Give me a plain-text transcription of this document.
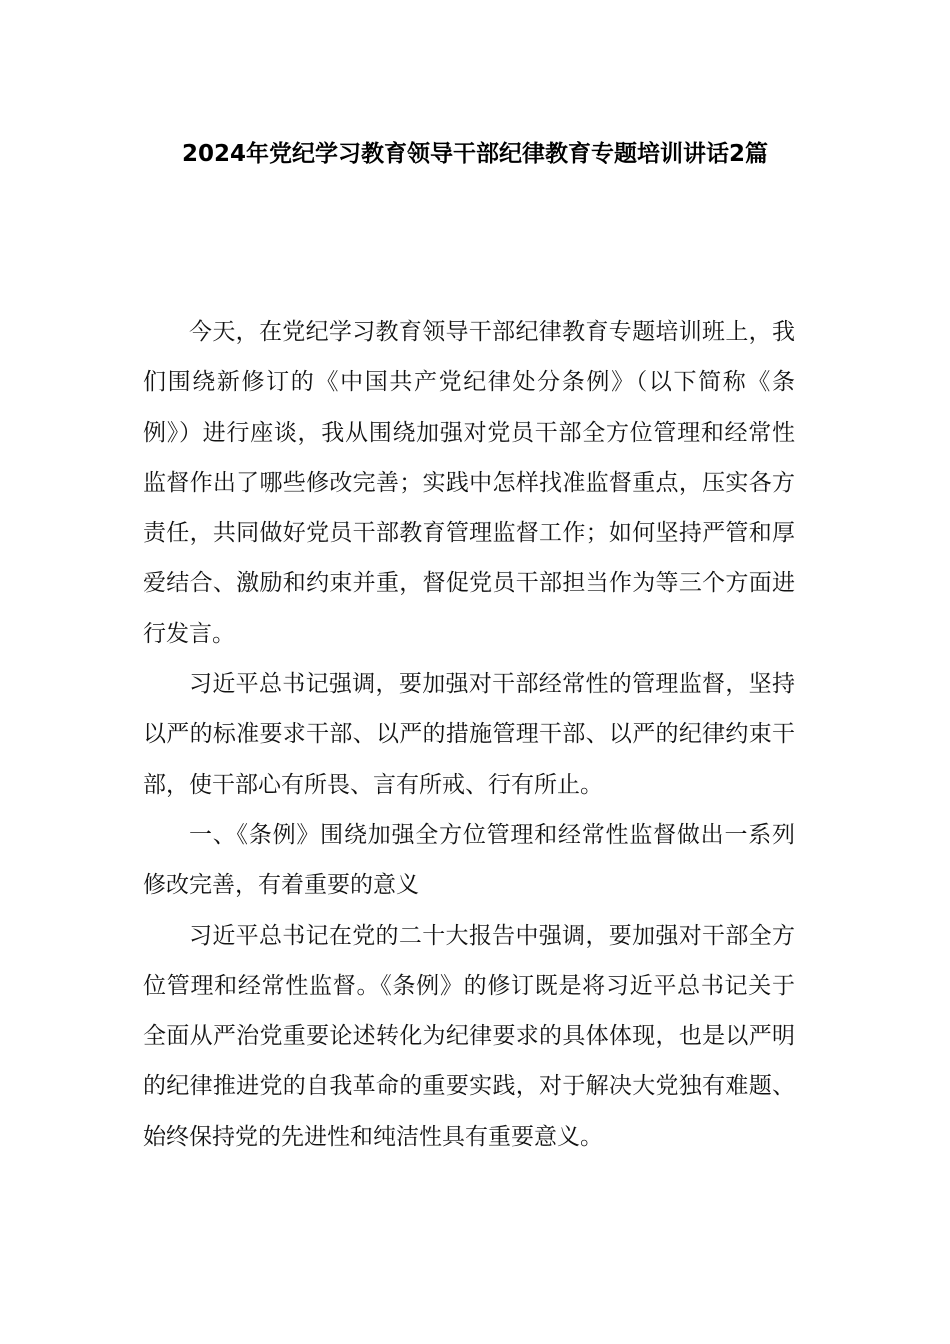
2024年党纪学习教育领导干部纪律教育专题培训讲话2篇

今天，在党纪学习教育领导干部纪律教育专题培训班上，我们围绕新修订的《中国共产党纪律处分条例》（以下简称《条例》）进行座谈，我从围绕加强对党员干部全方位管理和经常性监督作出了哪些修改完善；实践中怎样找准监督重点，压实各方责任，共同做好党员干部教育管理监督工作；如何坚持严管和厚爱结合、激励和约束并重，督促党员干部担当作为等三个方面进行发言。

习近平总书记强调，要加强对干部经常性的管理监督，坚持以严的标准要求干部、以严的措施管理干部、以严的纪律约束干部，使干部心有所畏、言有所戒、行有所止。

一、《条例》围绕加强全方位管理和经常性监督做出一系列修改完善，有着重要的意义

习近平总书记在党的二十大报告中强调，要加强对干部全方位管理和经常性监督。《条例》的修订既是将习近平总书记关于全面从严治党重要论述转化为纪律要求的具体体现，也是以严明的纪律推进党的自我革命的重要实践，对于解决大党独有难题、始终保持党的先进性和纯洁性具有重要意义。
